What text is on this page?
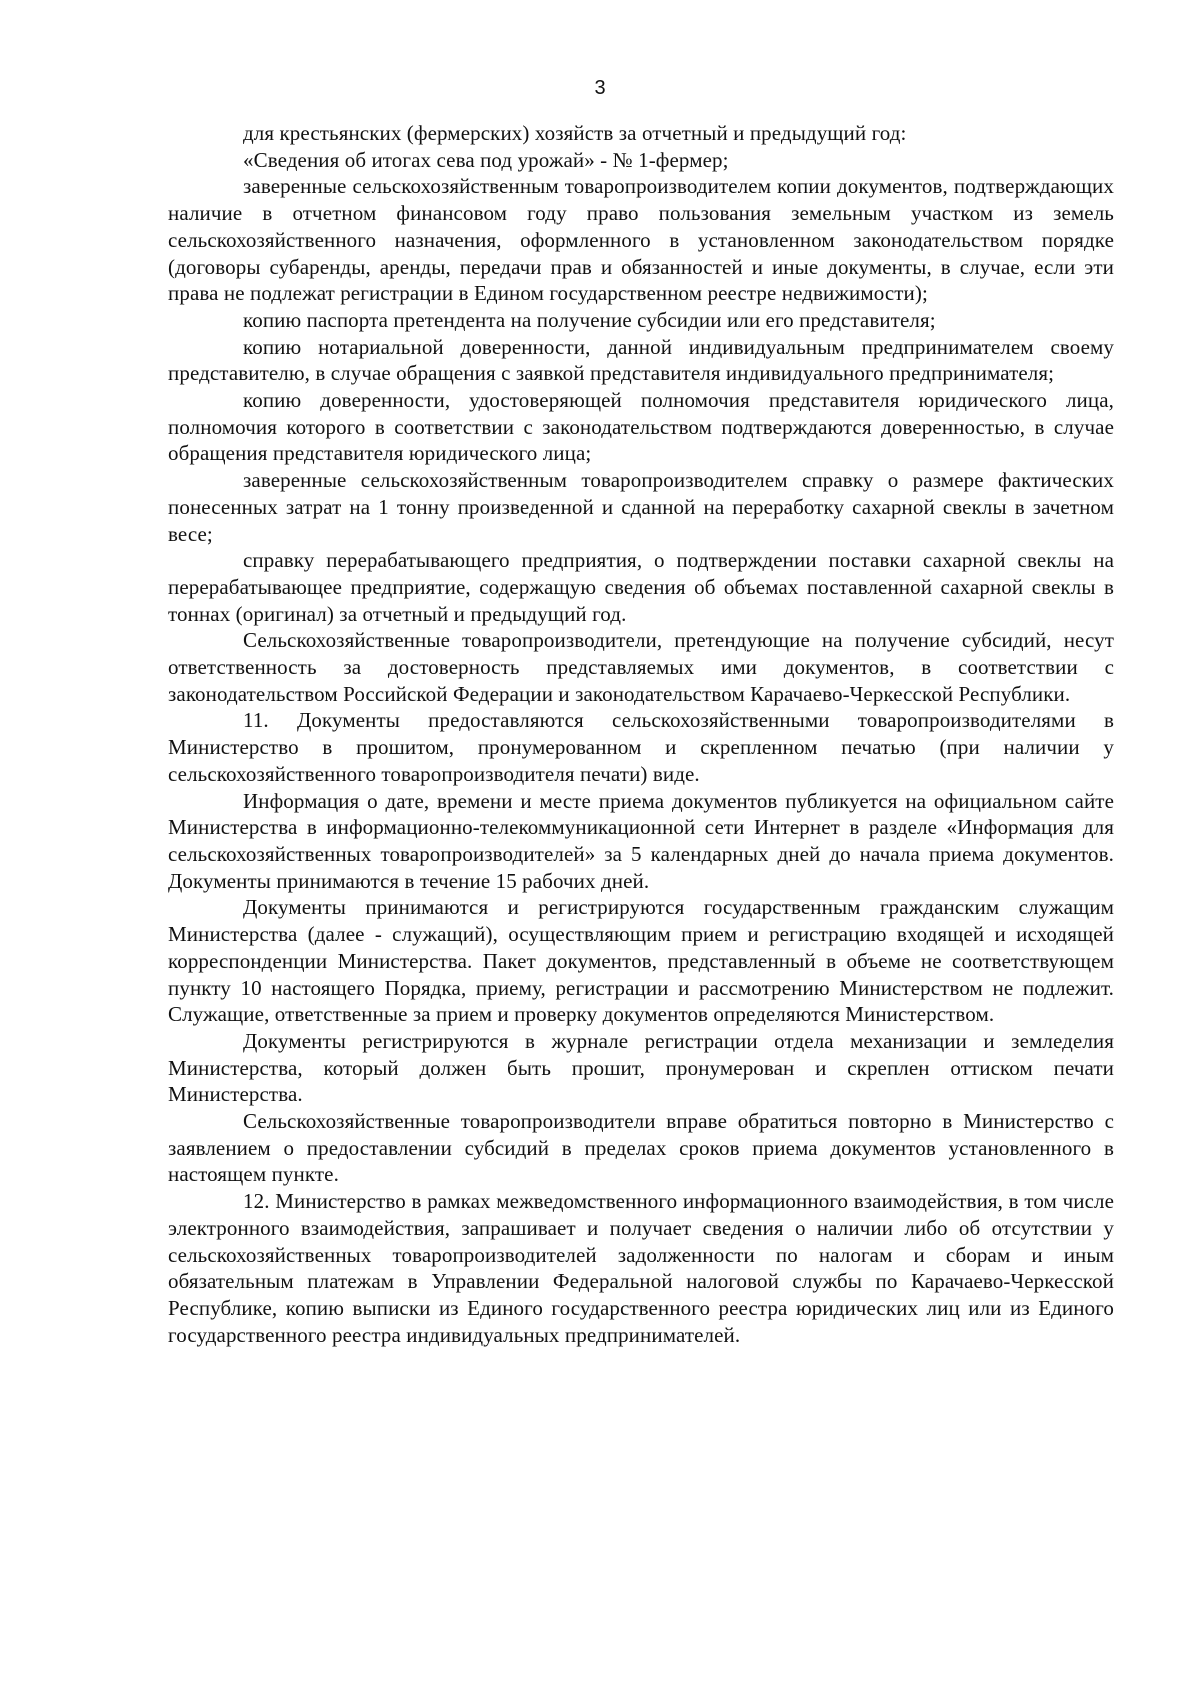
3

для крестьянских (фермерских) хозяйств за отчетный и предыдущий год:

«Сведения об итогах сева под урожай» - № 1-фермер;

заверенные сельскохозяйственным товаропроизводителем копии документов, подтверждающих наличие в отчетном финансовом году право пользования земельным участком из земель сельскохозяйственного назначения, оформленного в установленном законодательством порядке (договоры субаренды, аренды, передачи прав и обязанностей и иные документы, в случае, если эти права не подлежат регистрации в Едином государственном реестре недвижимости);

копию паспорта претендента на получение субсидии или его представителя;

копию нотариальной доверенности, данной индивидуальным предпринимателем своему представителю, в случае обращения с заявкой представителя индивидуального предпринимателя;

копию доверенности, удостоверяющей полномочия представителя юридического лица, полномочия которого в соответствии с законодательством подтверждаются доверенностью, в случае обращения представителя юридического лица;

заверенные сельскохозяйственным товаропроизводителем справку о размере фактических понесенных затрат на 1 тонну произведенной и сданной на переработку сахарной свеклы в зачетном весе;

справку перерабатывающего предприятия, о подтверждении поставки сахарной свеклы на перерабатывающее предприятие, содержащую сведения об объемах поставленной сахарной свеклы в тоннах (оригинал) за отчетный и предыдущий год.

Сельскохозяйственные товаропроизводители, претендующие на получение субсидий, несут ответственность за достоверность представляемых ими документов, в соответствии с законодательством Российской Федерации и законодательством Карачаево-Черкесской Республики.

11. Документы предоставляются сельскохозяйственными товаропроизводителями в Министерство в прошитом, пронумерованном и скрепленном печатью (при наличии у сельскохозяйственного товаропроизводителя печати) виде.

Информация о дате, времени и месте приема документов публикуется на официальном сайте Министерства в информационно-телекоммуникационной сети Интернет в разделе «Информация для сельскохозяйственных товаропроизводителей» за 5 календарных дней до начала приема документов. Документы принимаются в течение 15 рабочих дней.

Документы принимаются и регистрируются государственным гражданским служащим Министерства (далее - служащий), осуществляющим прием и регистрацию входящей и исходящей корреспонденции Министерства. Пакет документов, представленный в объеме не соответствующем пункту 10 настоящего Порядка, приему, регистрации и рассмотрению Министерством не подлежит. Служащие, ответственные за прием и проверку документов определяются Министерством.

Документы регистрируются в журнале регистрации отдела механизации и земледелия Министерства, который должен быть прошит, пронумерован и скреплен оттиском печати Министерства.

Сельскохозяйственные товаропроизводители вправе обратиться повторно в Министерство с заявлением о предоставлении субсидий в пределах сроков приема документов установленного в настоящем пункте.

12. Министерство в рамках межведомственного информационного взаимодействия, в том числе электронного взаимодействия, запрашивает и получает сведения о наличии либо об отсутствии у сельскохозяйственных товаропроизводителей задолженности по налогам и сборам и иным обязательным платежам в Управлении Федеральной налоговой службы по Карачаево-Черкесской Республике, копию выписки из Единого государственного реестра юридических лиц или из Единого государственного реестра индивидуальных предпринимателей.
